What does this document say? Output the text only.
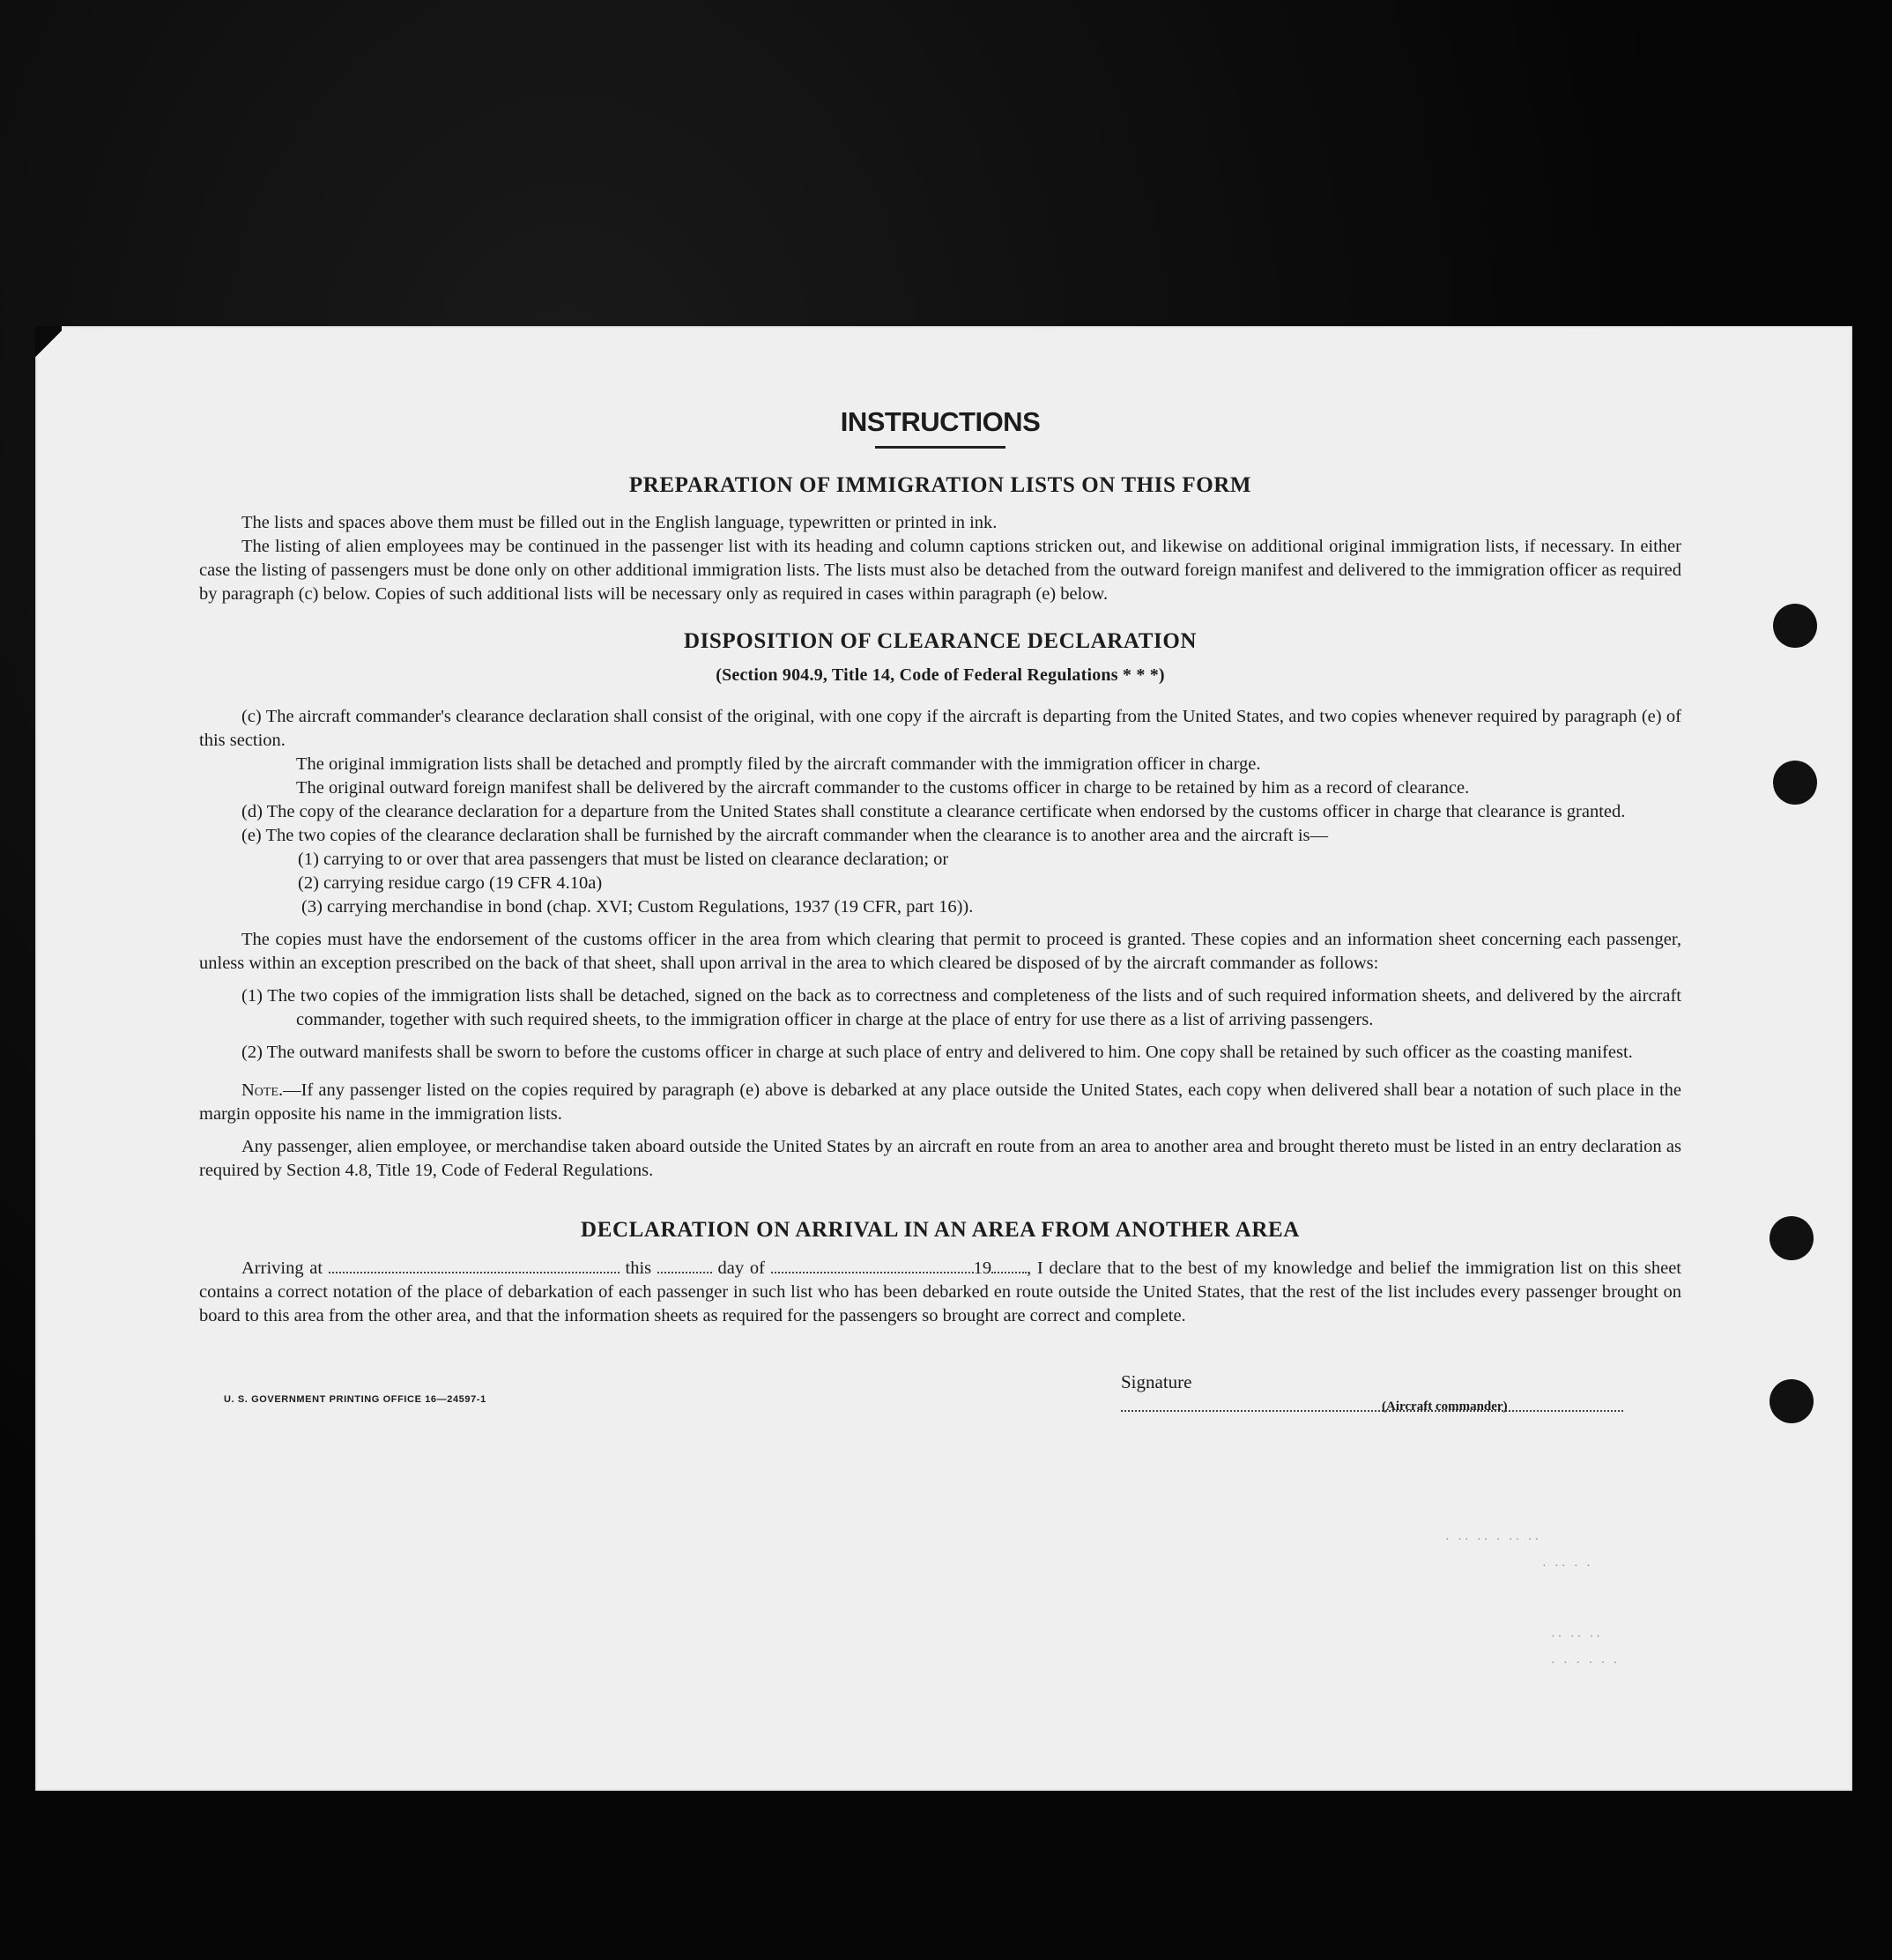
INSTRUCTIONS
PREPARATION OF IMMIGRATION LISTS ON THIS FORM

The lists and spaces above them must be filled out in the English language, typewritten or printed in ink.

The listing of alien employees may be continued in the passenger list with its heading and column captions stricken out, and likewise on additional original immigration lists, if necessary. In either case the listing of passengers must be done only on other additional immigration lists. The lists must also be detached from the outward foreign manifest and delivered to the immigration officer as required by paragraph (c) below. Copies of such additional lists will be necessary only as required in cases within paragraph (e) below.

DISPOSITION OF CLEARANCE DECLARATION
(Section 904.9, Title 14, Code of Federal Regulations * * *)

(c) The aircraft commander's clearance declaration shall consist of the original, with one copy if the aircraft is departing from the United States, and two copies whenever required by paragraph (e) of this section.

The original immigration lists shall be detached and promptly filed by the aircraft commander with the immigration officer in charge.

The original outward foreign manifest shall be delivered by the aircraft commander to the customs officer in charge to be retained by him as a record of clearance.

(d) The copy of the clearance declaration for a departure from the United States shall constitute a clearance certificate when endorsed by the customs officer in charge that clearance is granted.

(e) The two copies of the clearance declaration shall be furnished by the aircraft commander when the clearance is to another area and the aircraft is—

(1) carrying to or over that area passengers that must be listed on clearance declaration; or

(2) carrying residue cargo (19 CFR 4.10a)

(3) carrying merchandise in bond (chap. XVI; Custom Regulations, 1937 (19 CFR, part 16)).

The copies must have the endorsement of the customs officer in the area from which clearing that permit to proceed is granted. These copies and an information sheet concerning each passenger, unless within an exception prescribed on the back of that sheet, shall upon arrival in the area to which cleared be disposed of by the aircraft commander as follows:

(1) The two copies of the immigration lists shall be detached, signed on the back as to correctness and completeness of the lists and of such required information sheets, and delivered by the aircraft commander, together with such required sheets, to the immigration officer in charge at the place of entry for use there as a list of arriving passengers.

(2) The outward manifests shall be sworn to before the customs officer in charge at such place of entry and delivered to him. One copy shall be retained by such officer as the coasting manifest.

Note.—If any passenger listed on the copies required by paragraph (e) above is debarked at any place outside the United States, each copy when delivered shall bear a notation of such place in the margin opposite his name in the immigration lists.

Any passenger, alien employee, or merchandise taken aboard outside the United States by an aircraft en route from an area to another area and brought thereto must be listed in an entry declaration as required by Section 4.8, Title 19, Code of Federal Regulations.

DECLARATION ON ARRIVAL IN AN AREA FROM ANOTHER AREA

Arriving at	this	day of	19 , I declare that to the best of my knowledge and belief the immigration list on this sheet contains a correct notation of the place of debarkation of each passenger in such list who has been debarked en route outside the United States, that the rest of the list includes every passenger brought on board to this area from the other area, and that the information sheets as required for the passengers so brought are correct and complete.

U. S. GOVERNMENT PRINTING OFFICE 16—24597-1
Signature
(Aircraft commander)
· ·· ·· · ·· ··
· ·· · ·
·· ·· ··
· · · · · ·
